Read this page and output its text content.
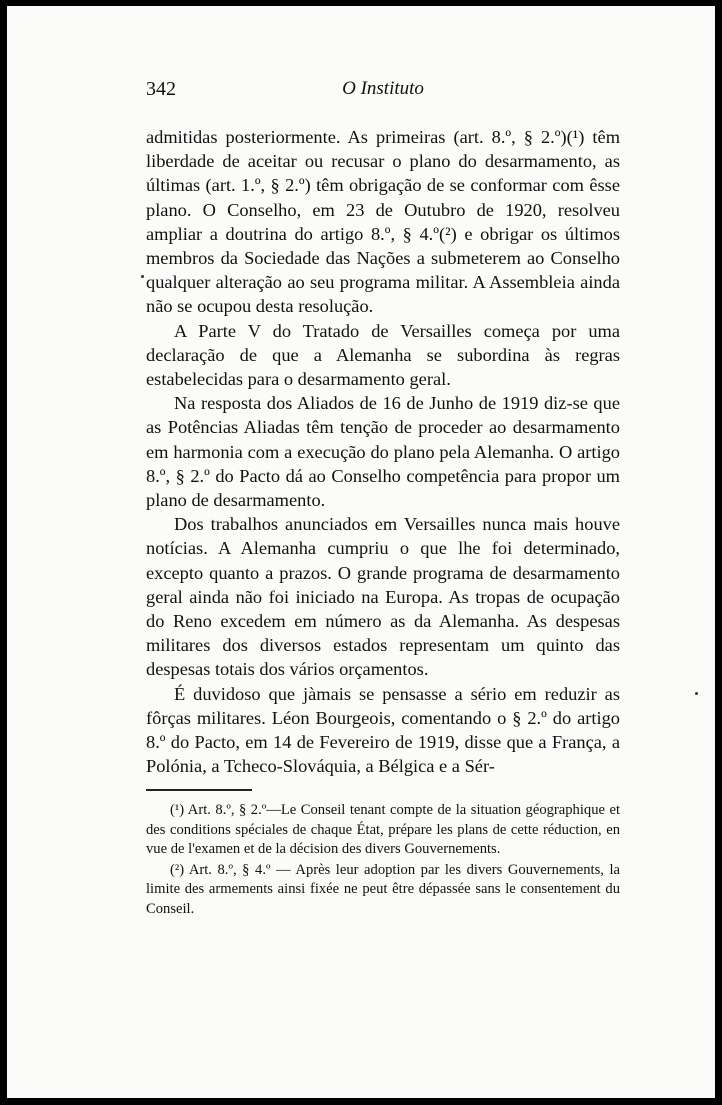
342	O Instituto

admitidas posteriormente. As primeiras (art. 8.º, § 2.º)(¹) têm liberdade de aceitar ou recusar o plano do desarmamento, as últimas (art. 1.º, § 2.º) têm obrigação de se conformar com êsse plano. O Conselho, em 23 de Outubro de 1920, resolveu ampliar a doutrina do artigo 8.º, § 4.º(²) e obrigar os últimos membros da Sociedade das Nações a submeterem ao Conselho qualquer alteração ao seu programa militar. A Assembleia ainda não se ocupou desta resolução.

A Parte V do Tratado de Versailles começa por uma declaração de que a Alemanha se subordina às regras estabelecidas para o desarmamento geral.

Na resposta dos Aliados de 16 de Junho de 1919 diz-se que as Potências Aliadas têm tenção de proceder ao desarmamento em harmonia com a execução do plano pela Alemanha. O artigo 8.º, § 2.º do Pacto dá ao Conselho competência para propor um plano de desarmamento.

Dos trabalhos anunciados em Versailles nunca mais houve notícias. A Alemanha cumpriu o que lhe foi determinado, excepto quanto a prazos. O grande programa de desarmamento geral ainda não foi iniciado na Europa. As tropas de ocupação do Reno excedem em número as da Alemanha. As despesas militares dos diversos estados representam um quinto das despesas totais dos vários orçamentos.

É duvidoso que jàmais se pensasse a sério em reduzir as fôrças militares. Léon Bourgeois, comentando o § 2.º do artigo 8.º do Pacto, em 14 de Fevereiro de 1919, disse que a França, a Polónia, a Tcheco-Slováquia, a Bélgica e a Sér-

(¹) Art. 8.º, § 2.º—Le Conseil tenant compte de la situation géographique et des conditions spéciales de chaque État, prépare les plans de cette réduction, en vue de l'examen et de la décision des divers Gouvernements.

(²) Art. 8.º, § 4.º — Après leur adoption par les divers Gouvernements, la limite des armements ainsi fixée ne peut être dépassée sans le consentement du Conseil.
